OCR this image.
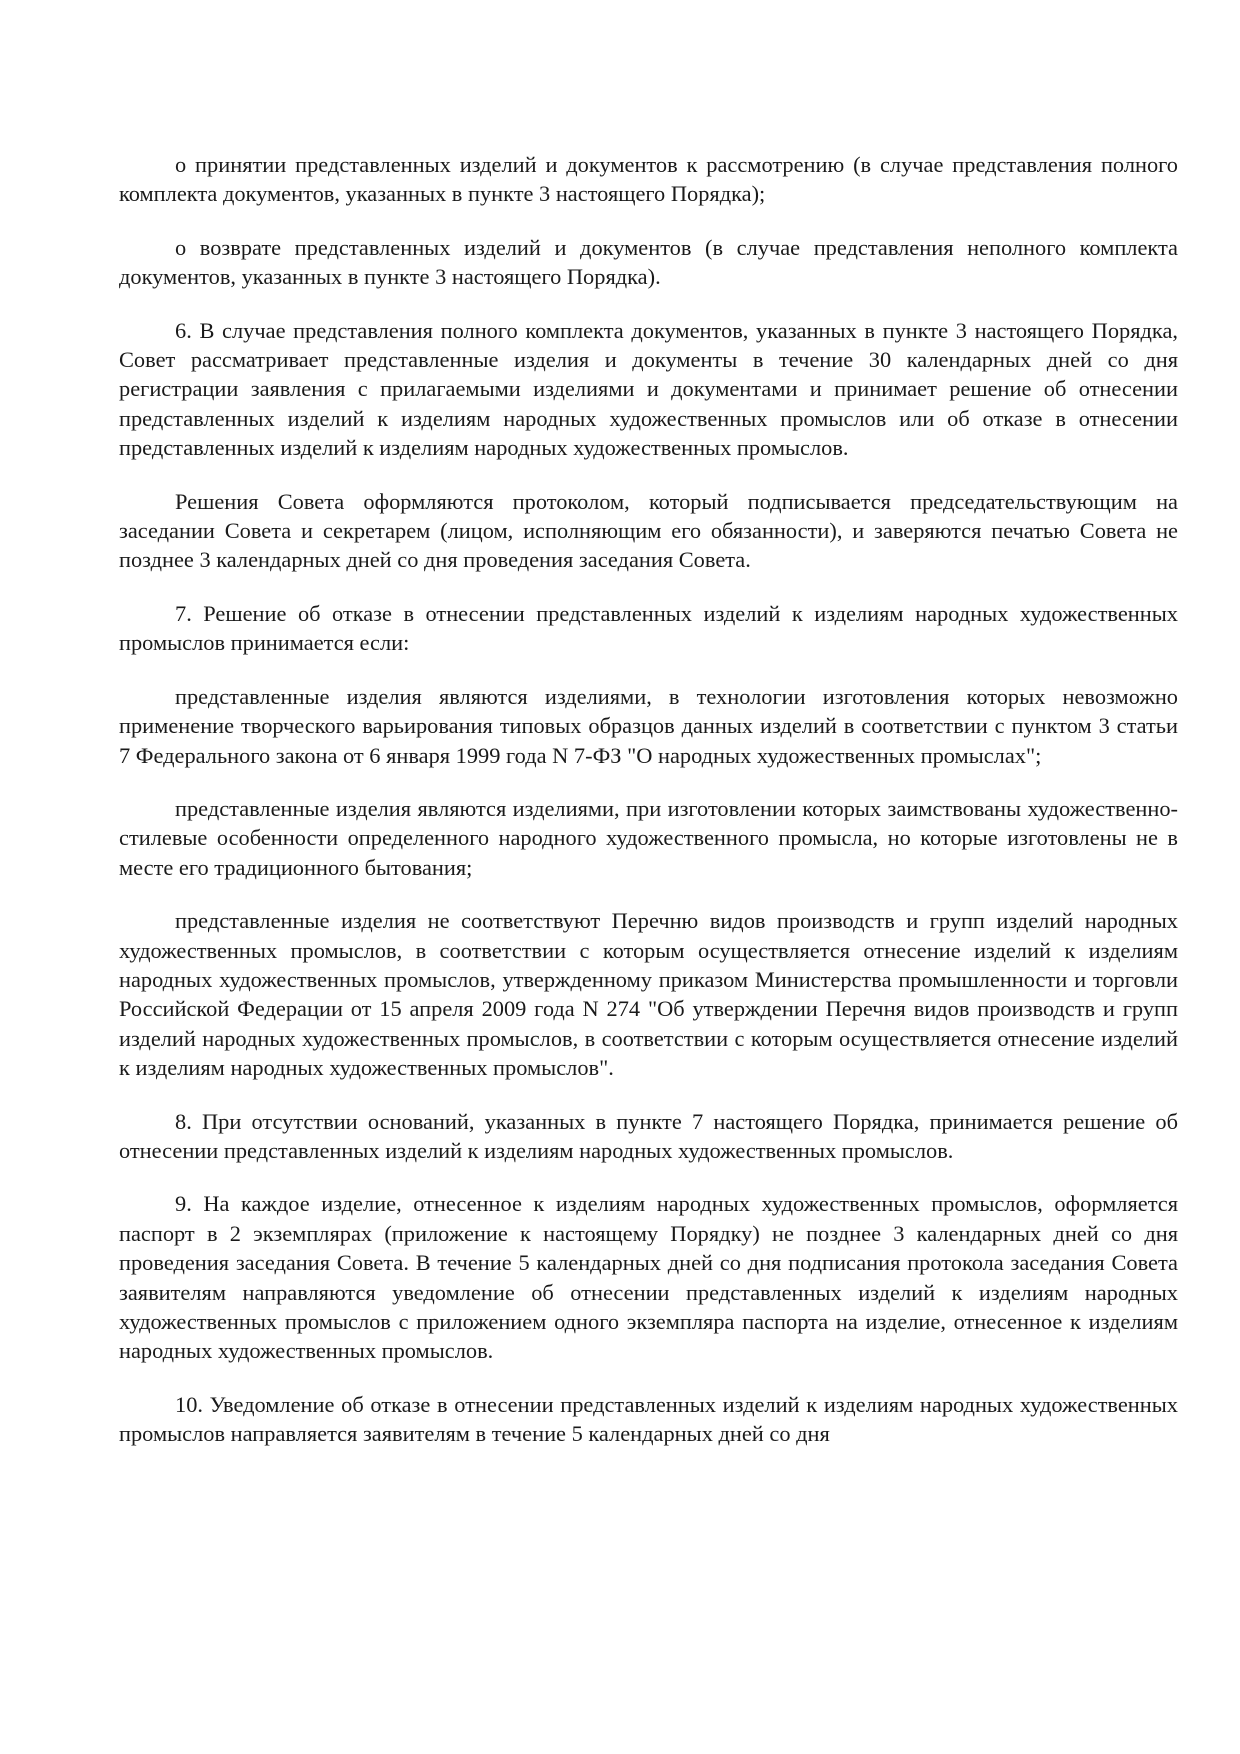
о принятии представленных изделий и документов к рассмотрению (в случае представления полного комплекта документов, указанных в пункте 3 настоящего Порядка);

о возврате представленных изделий и документов (в случае представления неполного комплекта документов, указанных в пункте 3 настоящего Порядка).

6. В случае представления полного комплекта документов, указанных в пункте 3 настоящего Порядка, Совет рассматривает представленные изделия и документы в течение 30 календарных дней со дня регистрации заявления с прилагаемыми изделиями и документами и принимает решение об отнесении представленных изделий к изделиям народных художественных промыслов или об отказе в отнесении представленных изделий к изделиям народных художественных промыслов.

Решения Совета оформляются протоколом, который подписывается председательствующим на заседании Совета и секретарем (лицом, исполняющим его обязанности), и заверяются печатью Совета не позднее 3 календарных дней со дня проведения заседания Совета.

7. Решение об отказе в отнесении представленных изделий к изделиям народных художественных промыслов принимается если:

представленные изделия являются изделиями, в технологии изготовления которых невозможно применение творческого варьирования типовых образцов данных изделий в соответствии с пунктом 3 статьи 7 Федерального закона от 6 января 1999 года N 7-ФЗ "О народных художественных промыслах";

представленные изделия являются изделиями, при изготовлении которых заимствованы художественно-стилевые особенности определенного народного художественного промысла, но которые изготовлены не в месте его традиционного бытования;

представленные изделия не соответствуют Перечню видов производств и групп изделий народных художественных промыслов, в соответствии с которым осуществляется отнесение изделий к изделиям народных художественных промыслов, утвержденному приказом Министерства промышленности и торговли Российской Федерации от 15 апреля 2009 года N 274 "Об утверждении Перечня видов производств и групп изделий народных художественных промыслов, в соответствии с которым осуществляется отнесение изделий к изделиям народных художественных промыслов".

8. При отсутствии оснований, указанных в пункте 7 настоящего Порядка, принимается решение об отнесении представленных изделий к изделиям народных художественных промыслов.

9. На каждое изделие, отнесенное к изделиям народных художественных промыслов, оформляется паспорт в 2 экземплярах (приложение к настоящему Порядку) не позднее 3 календарных дней со дня проведения заседания Совета. В течение 5 календарных дней со дня подписания протокола заседания Совета заявителям направляются уведомление об отнесении представленных изделий к изделиям народных художественных промыслов с приложением одного экземпляра паспорта на изделие, отнесенное к изделиям народных художественных промыслов.

10. Уведомление об отказе в отнесении представленных изделий к изделиям народных художественных промыслов направляется заявителям в течение 5 календарных дней со дня
